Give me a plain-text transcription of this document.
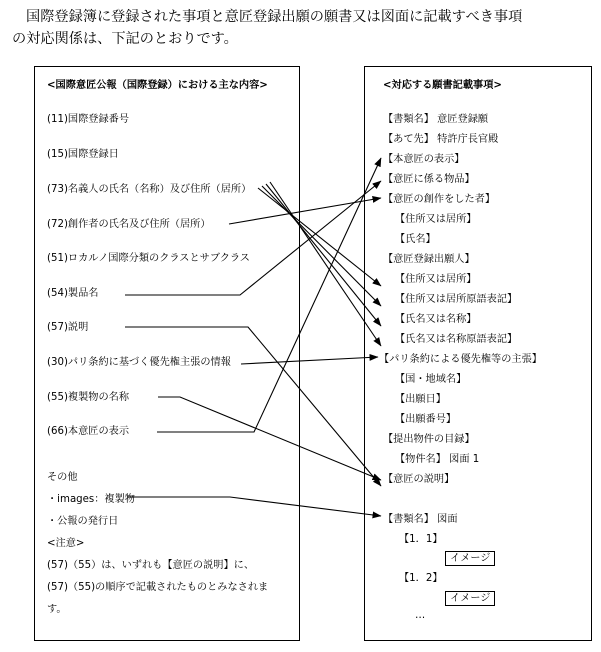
国際登録簿に登録された事項と意匠登録出願の願書又は図面に記載すべき事項
の対応関係は、下記のとおりです。
<国際意匠公報（国際登録）における主な内容>
(11)国際登録番号
(15)国際登録日
(73)名義人の氏名（名称）及び住所（居所）
(72)創作者の氏名及び住所（居所）
(51)ロカルノ国際分類のクラスとサブクラス
(54)製品名
(57)説明
(30)パリ条約に基づく優先権主張の情報
(55)複製物の名称
(66)本意匠の表示
その他
・images：複製物
・公報の発行日
<注意>
(57)（55）は、いずれも【意匠の説明】に、
(57)（55)の順序で記載されたものとみなされま
す。
<対応する願書記載事項>
【書類名】 意匠登録願
【あて先】 特許庁長官殿
【本意匠の表示】
【意匠に係る物品】
【意匠の創作をした者】
【住所又は居所】
【氏名】
【意匠登録出願人】
【住所又は居所】
【住所又は居所原語表記】
【氏名又は名称】
【氏名又は名称原語表記】
【パリ条約による優先権等の主張】
【国・地域名】
【出願日】
【出願番号】
【提出物件の目録】
【物件名】 図面 1
【意匠の説明】
【書類名】 図面
【1．1】
イメージ
【1．2】
イメージ
…
